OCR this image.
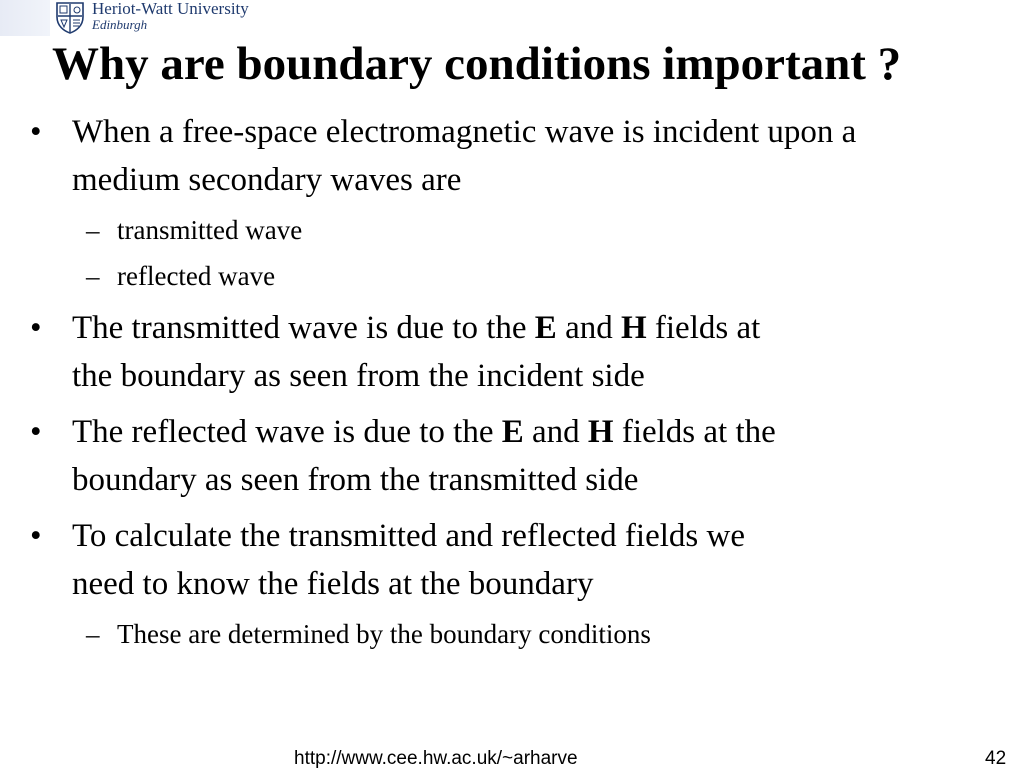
Heriot-Watt University
Edinburgh
Why are boundary conditions important ?
• When a free-space electromagnetic wave is incident upon a medium secondary waves are
– transmitted wave
– reflected wave
• The transmitted wave is due to the E and H fields at
the boundary as seen from the incident side
• The reflected wave is due to the E and H fields at the
boundary as seen from the transmitted side
• To calculate the transmitted and reflected fields we
need to know the fields at the boundary
– These are determined by the boundary conditions
http://www.cee.hw.ac.uk/~arharve	42
